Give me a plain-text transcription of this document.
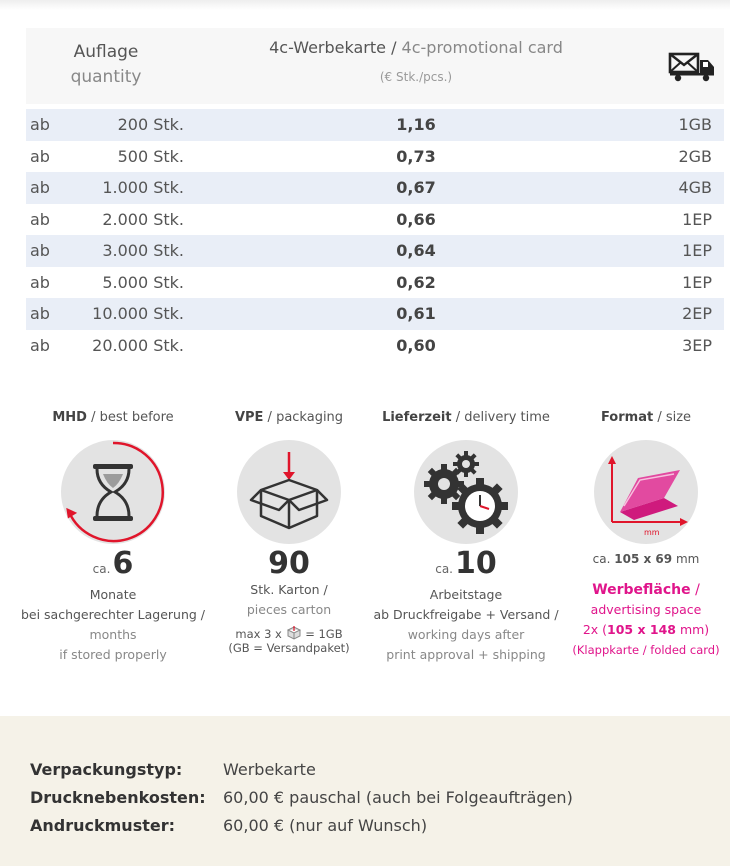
Auflage
quantity
4c-Werbekarte / 4c-promotional card
(€ Stk./pcs.)
ab	200 Stk.	1,16	1GB
ab	500 Stk.	0,73	2GB
ab	1.000 Stk.	0,67	4GB
ab	2.000 Stk.	0,66	1EP
ab	3.000 Stk.	0,64	1EP
ab	5.000 Stk.	0,62	1EP
ab	10.000 Stk.	0,61	2EP
ab	20.000 Stk.	0,60	3EP
MHD / best before
ca.6
Monate
bei sachgerechter Lagerung /
months
if stored properly
VPE / packaging
90
Stk. Karton /
pieces carton
max 3 x = 1GB
(GB = Versandpaket)
Lieferzeit / delivery time
ca.10
Arbeitstage
ab Druckfreigabe + Versand /
working days after
print approval + shipping
Format / size
mm
ca. 105 x 69 mm
Werbefläche /
advertising space
2x (105 x 148 mm)
(Klappkarte / folded card)
Verpackungstyp:	Werbekarte
Drucknebenkosten:	60,00 € pauschal (auch bei Folgeaufträgen)
Andruckmuster:	60,00 € (nur auf Wunsch)
